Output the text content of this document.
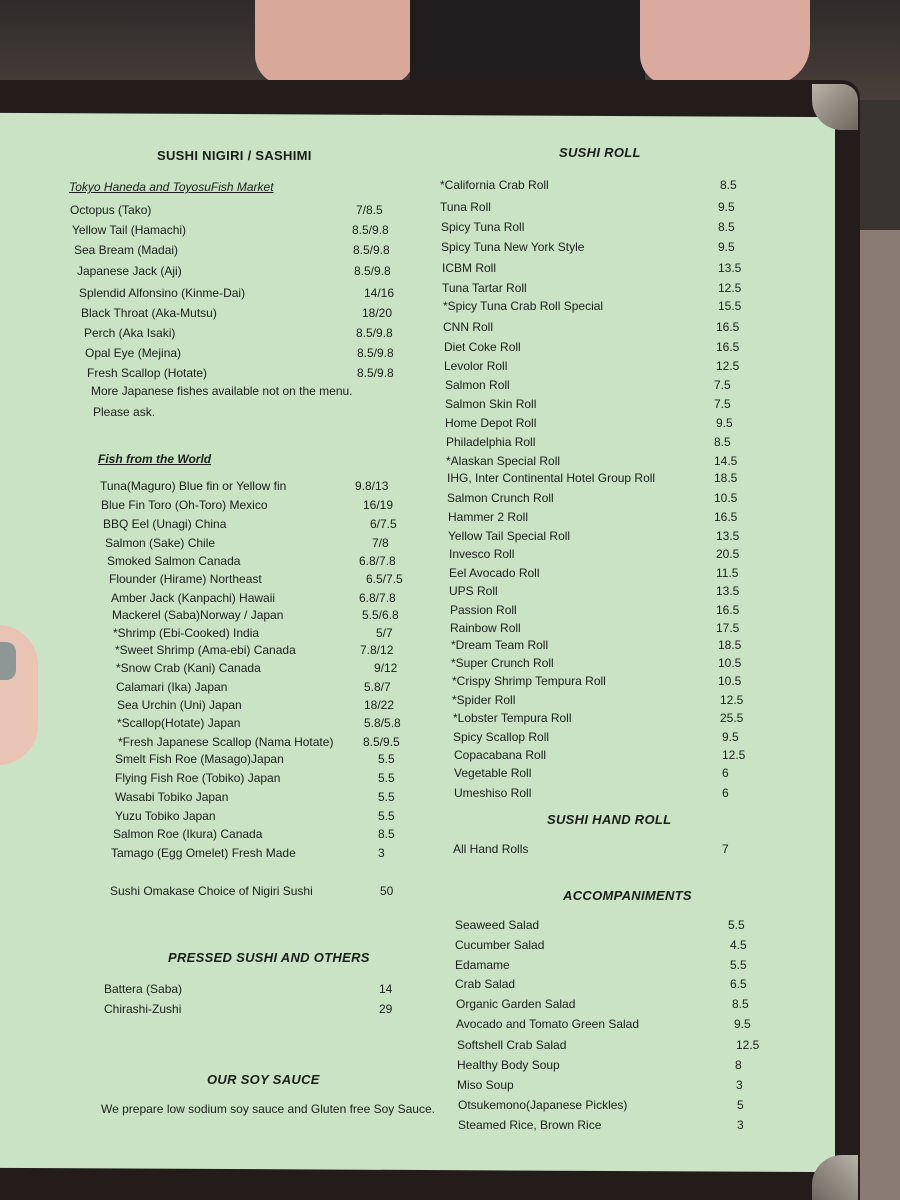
SUSHI NIGIRI / SASHIMI
Tokyo Haneda and ToyosuFish Market
Octopus (Tako)	7/8.5
Yellow Tail (Hamachi)	8.5/9.8
Sea Bream (Madai)	8.5/9.8
Japanese Jack (Aji)	8.5/9.8
Splendid Alfonsino (Kinme-Dai)	14/16
Black Throat (Aka-Mutsu)	18/20
Perch (Aka Isaki)	8.5/9.8
Opal Eye (Mejina)	8.5/9.8
Fresh Scallop (Hotate)	8.5/9.8
More Japanese fishes available not on the menu.
Please ask.
Fish from the World
Tuna(Maguro) Blue fin or Yellow fin	9.8/13
Blue Fin Toro (Oh-Toro) Mexico	16/19
BBQ Eel (Unagi) China	6/7.5
Salmon (Sake) Chile	7/8
Smoked Salmon Canada	6.8/7.8
Flounder (Hirame) Northeast	6.5/7.5
Amber Jack (Kanpachi) Hawaii	6.8/7.8
Mackerel (Saba)Norway / Japan	5.5/6.8
*Shrimp (Ebi-Cooked) India	5/7
*Sweet Shrimp (Ama-ebi) Canada	7.8/12
*Snow Crab (Kani) Canada	9/12
Calamari (Ika) Japan	5.8/7
Sea Urchin (Uni) Japan	18/22
*Scallop(Hotate) Japan	5.8/5.8
*Fresh Japanese Scallop (Nama Hotate) 8.5/9.5
Smelt Fish Roe (Masago)Japan	5.5
Flying Fish Roe (Tobiko) Japan	5.5
Wasabi Tobiko Japan	5.5
Yuzu Tobiko Japan	5.5
Salmon Roe (Ikura) Canada	8.5
Tamago (Egg Omelet) Fresh Made	3
Sushi Omakase Choice of Nigiri Sushi	50
PRESSED SUSHI AND OTHERS
Battera (Saba)	14
Chirashi-Zushi	29
OUR SOY SAUCE
We prepare low sodium soy sauce and Gluten free Soy Sauce.
SUSHI ROLL
*California Crab Roll	8.5
Tuna Roll	9.5
Spicy Tuna Roll	8.5
Spicy Tuna New York Style	9.5
ICBM Roll	13.5
Tuna Tartar Roll	12.5
*Spicy Tuna Crab Roll Special	15.5
CNN Roll	16.5
Diet Coke Roll	16.5
Levolor Roll	12.5
Salmon Roll	7.5
Salmon Skin Roll	7.5
Home Depot Roll	9.5
Philadelphia Roll	8.5
*Alaskan Special Roll	14.5
IHG, Inter Continental Hotel Group Roll	18.5
Salmon Crunch Roll	10.5
Hammer 2 Roll	16.5
Yellow Tail Special Roll	13.5
Invesco Roll	20.5
Eel Avocado Roll	11.5
UPS Roll	13.5
Passion Roll	16.5
Rainbow Roll	17.5
*Dream Team Roll	18.5
*Super Crunch Roll	10.5
*Crispy Shrimp Tempura Roll	10.5
*Spider Roll	12.5
*Lobster Tempura Roll	25.5
Spicy Scallop Roll	9.5
Copacabana Roll	12.5
Vegetable Roll	6
Umeshiso Roll	6
SUSHI HAND ROLL
All Hand Rolls	7
ACCOMPANIMENTS
Seaweed Salad	5.5
Cucumber Salad	4.5
Edamame	5.5
Crab Salad	6.5
Organic Garden Salad	8.5
Avocado and Tomato Green Salad	9.5
Softshell Crab Salad	12.5
Healthy Body Soup	8
Miso Soup	3
Otsukemono(Japanese Pickles)	5
Steamed Rice, Brown Rice	3
